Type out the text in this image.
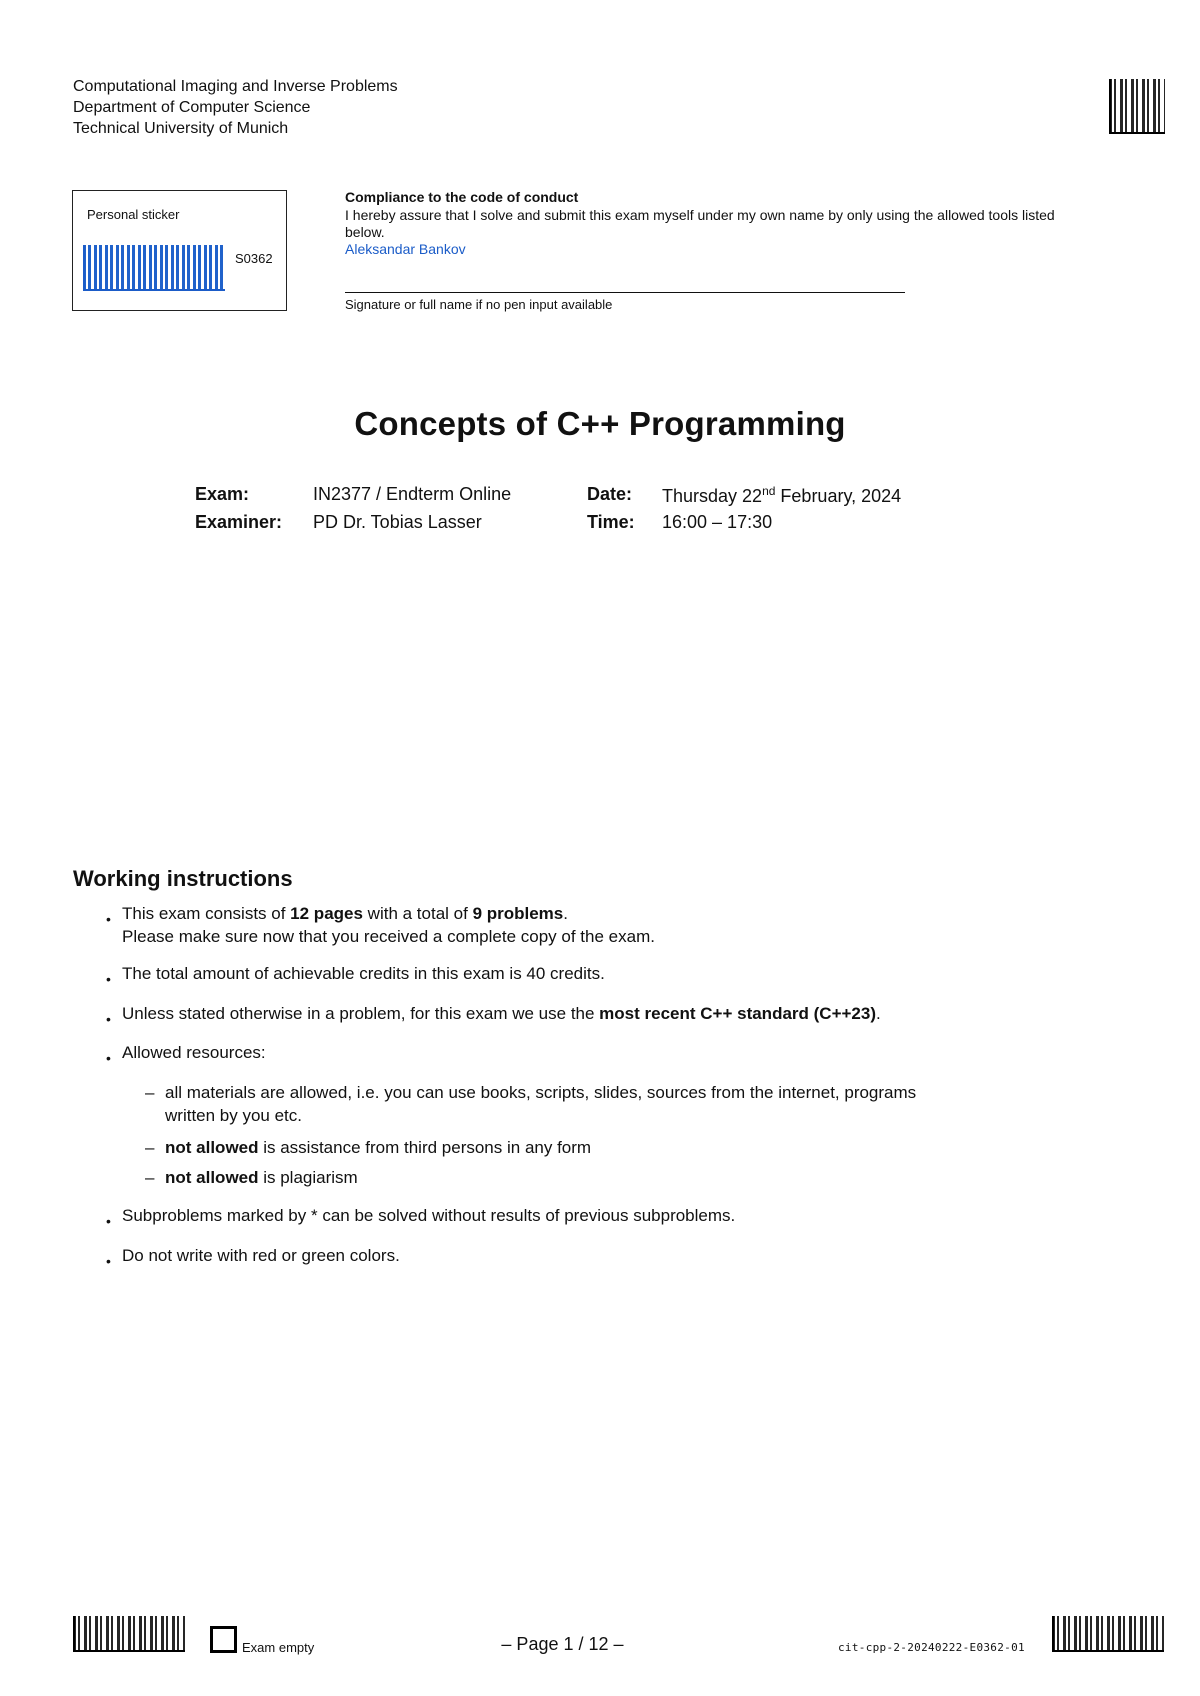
Computational Imaging and Inverse Problems
Department of Computer Science
Technical University of Munich
Personal sticker
S0362
Compliance to the code of conduct
I hereby assure that I solve and submit this exam myself under my own name by only using the allowed tools listed below.
Aleksandar Bankov
Signature or full name if no pen input available
Concepts of C++ Programming
Exam:	IN2377 / Endterm Online	Date: Thursday 22nd February, 2024
Examiner: PD Dr. Tobias Lasser	Time: 16:00 – 17:30
Working instructions
• This exam consists of 12 pages with a total of 9 problems.
Please make sure now that you received a complete copy of the exam.
• The total amount of achievable credits in this exam is 40 credits.
• Unless stated otherwise in a problem, for this exam we use the most recent C++ standard (C++23).
• Allowed resources:
– all materials are allowed, i.e. you can use books, scripts, slides, sources from the internet, programs
written by you etc.
– not allowed is assistance from third persons in any form
– not allowed is plagiarism
• Subproblems marked by * can be solved without results of previous subproblems.
• Do not write with red or green colors.
Exam empty	– Page 1 / 12 –	cit-cpp-2-20240222-E0362-01
